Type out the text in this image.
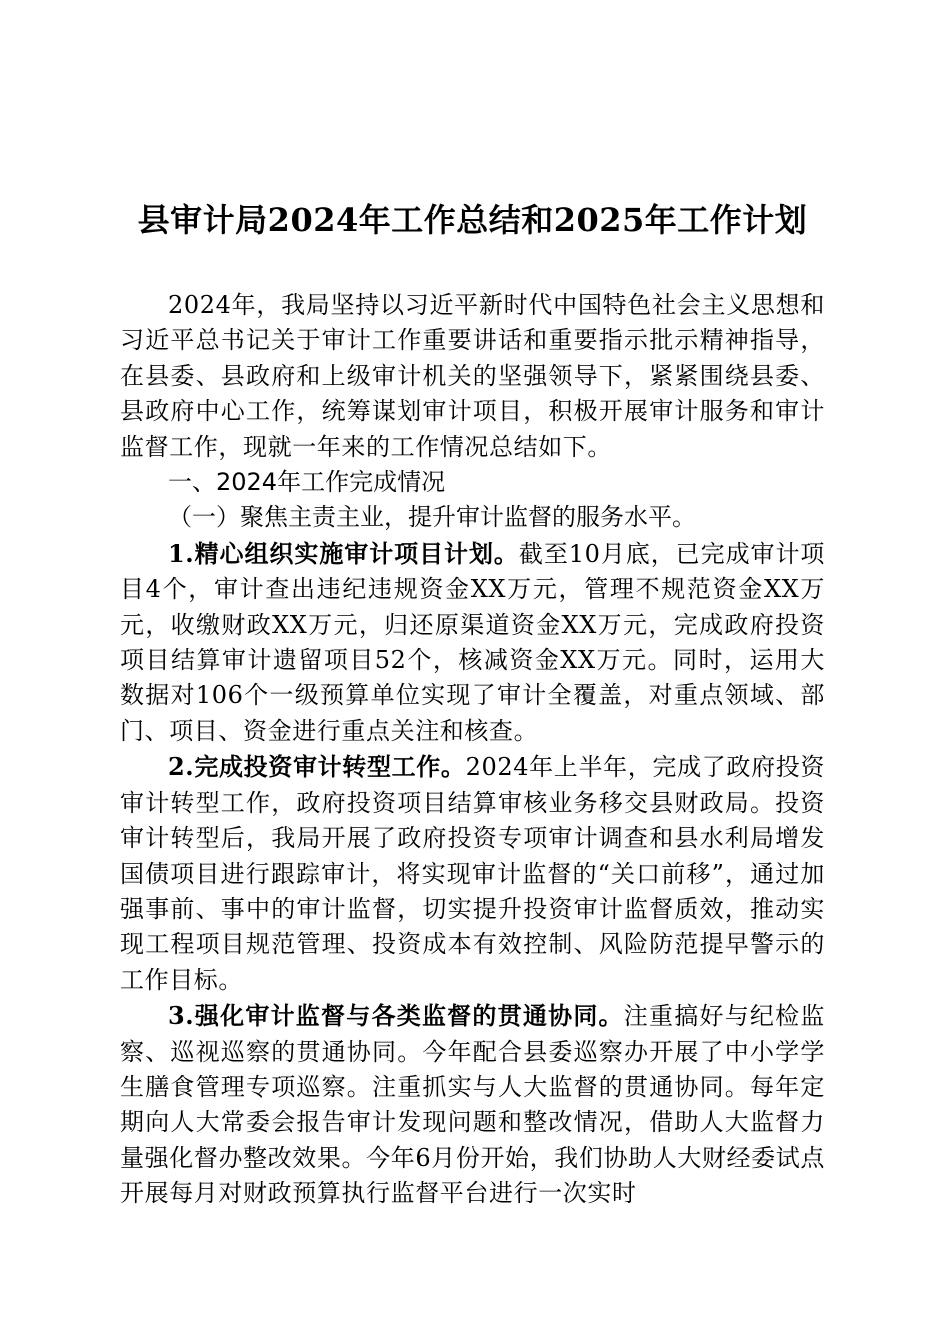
县审计局2024年工作总结和2025年工作计划

2024年，我局坚持以习近平新时代中国特色社会主义思想和习近平总书记关于审计工作重要讲话和重要指示批示精神指导，在县委、县政府和上级审计机关的坚强领导下，紧紧围绕县委、县政府中心工作，统筹谋划审计项目，积极开展审计服务和审计监督工作，现就一年来的工作情况总结如下。

一、2024年工作完成情况

（一）聚焦主责主业，提升审计监督的服务水平。

1.精心组织实施审计项目计划。截至10月底，已完成审计项目4个，审计查出违纪违规资金XX万元，管理不规范资金XX万元，收缴财政XX万元，归还原渠道资金XX万元，完成政府投资项目结算审计遗留项目52个，核减资金XX万元。同时，运用大数据对106个一级预算单位实现了审计全覆盖，对重点领域、部门、项目、资金进行重点关注和核查。

2.完成投资审计转型工作。2024年上半年，完成了政府投资审计转型工作，政府投资项目结算审核业务移交县财政局。投资审计转型后，我局开展了政府投资专项审计调查和县水利局增发国债项目进行跟踪审计，将实现审计监督的“关口前移”，通过加强事前、事中的审计监督，切实提升投资审计监督质效，推动实现工程项目规范管理、投资成本有效控制、风险防范提早警示的工作目标。

3.强化审计监督与各类监督的贯通协同。注重搞好与纪检监察、巡视巡察的贯通协同。今年配合县委巡察办开展了中小学学生膳食管理专项巡察。注重抓实与人大监督的贯通协同。每年定期向人大常委会报告审计发现问题和整改情况，借助人大监督力量强化督办整改效果。今年6月份开始，我们协助人大财经委试点开展每月对财政预算执行监督平台进行一次实时
